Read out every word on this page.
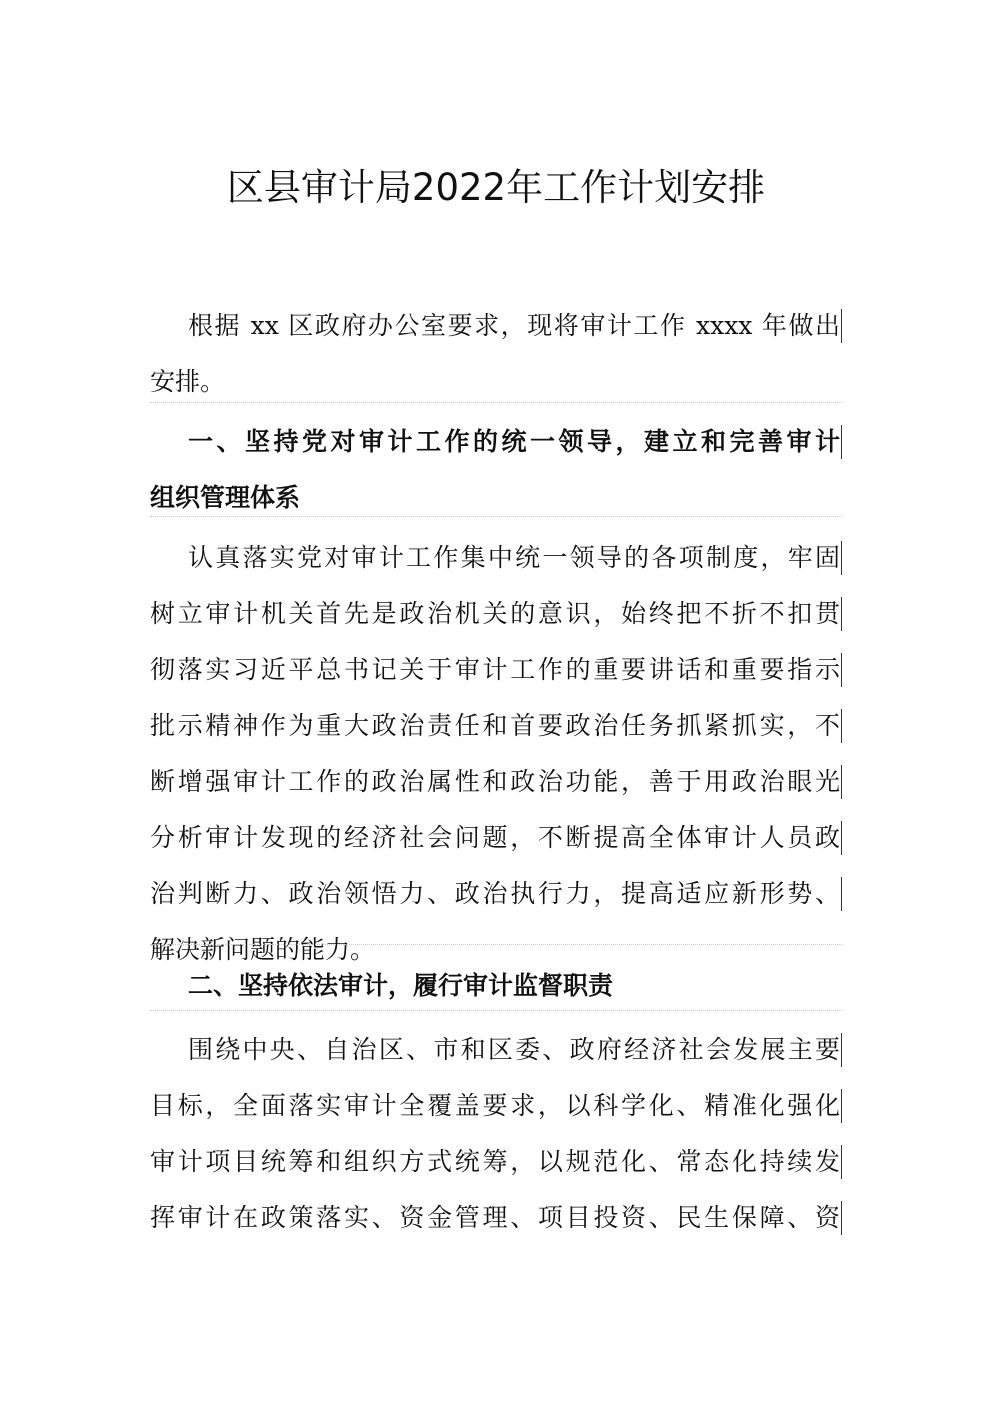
区县审计局2022年工作计划安排
根据 xx 区政府办公室要求，现将审计工作 xxxx 年做出
安排。
一、坚持党对审计工作的统一领导，建立和完善审计
组织管理体系
认真落实党对审计工作集中统一领导的各项制度，牢固
树立审计机关首先是政治机关的意识，始终把不折不扣贯
彻落实习近平总书记关于审计工作的重要讲话和重要指示
批示精神作为重大政治责任和首要政治任务抓紧抓实，不
断增强审计工作的政治属性和政治功能，善于用政治眼光
分析审计发现的经济社会问题，不断提高全体审计人员政
治判断力、政治领悟力、政治执行力，提高适应新形势、
解决新问题的能力。
二、坚持依法审计，履行审计监督职责
围绕中央、自治区、市和区委、政府经济社会发展主要
目标，全面落实审计全覆盖要求，以科学化、精准化强化
审计项目统筹和组织方式统筹，以规范化、常态化持续发
挥审计在政策落实、资金管理、项目投资、民生保障、资
